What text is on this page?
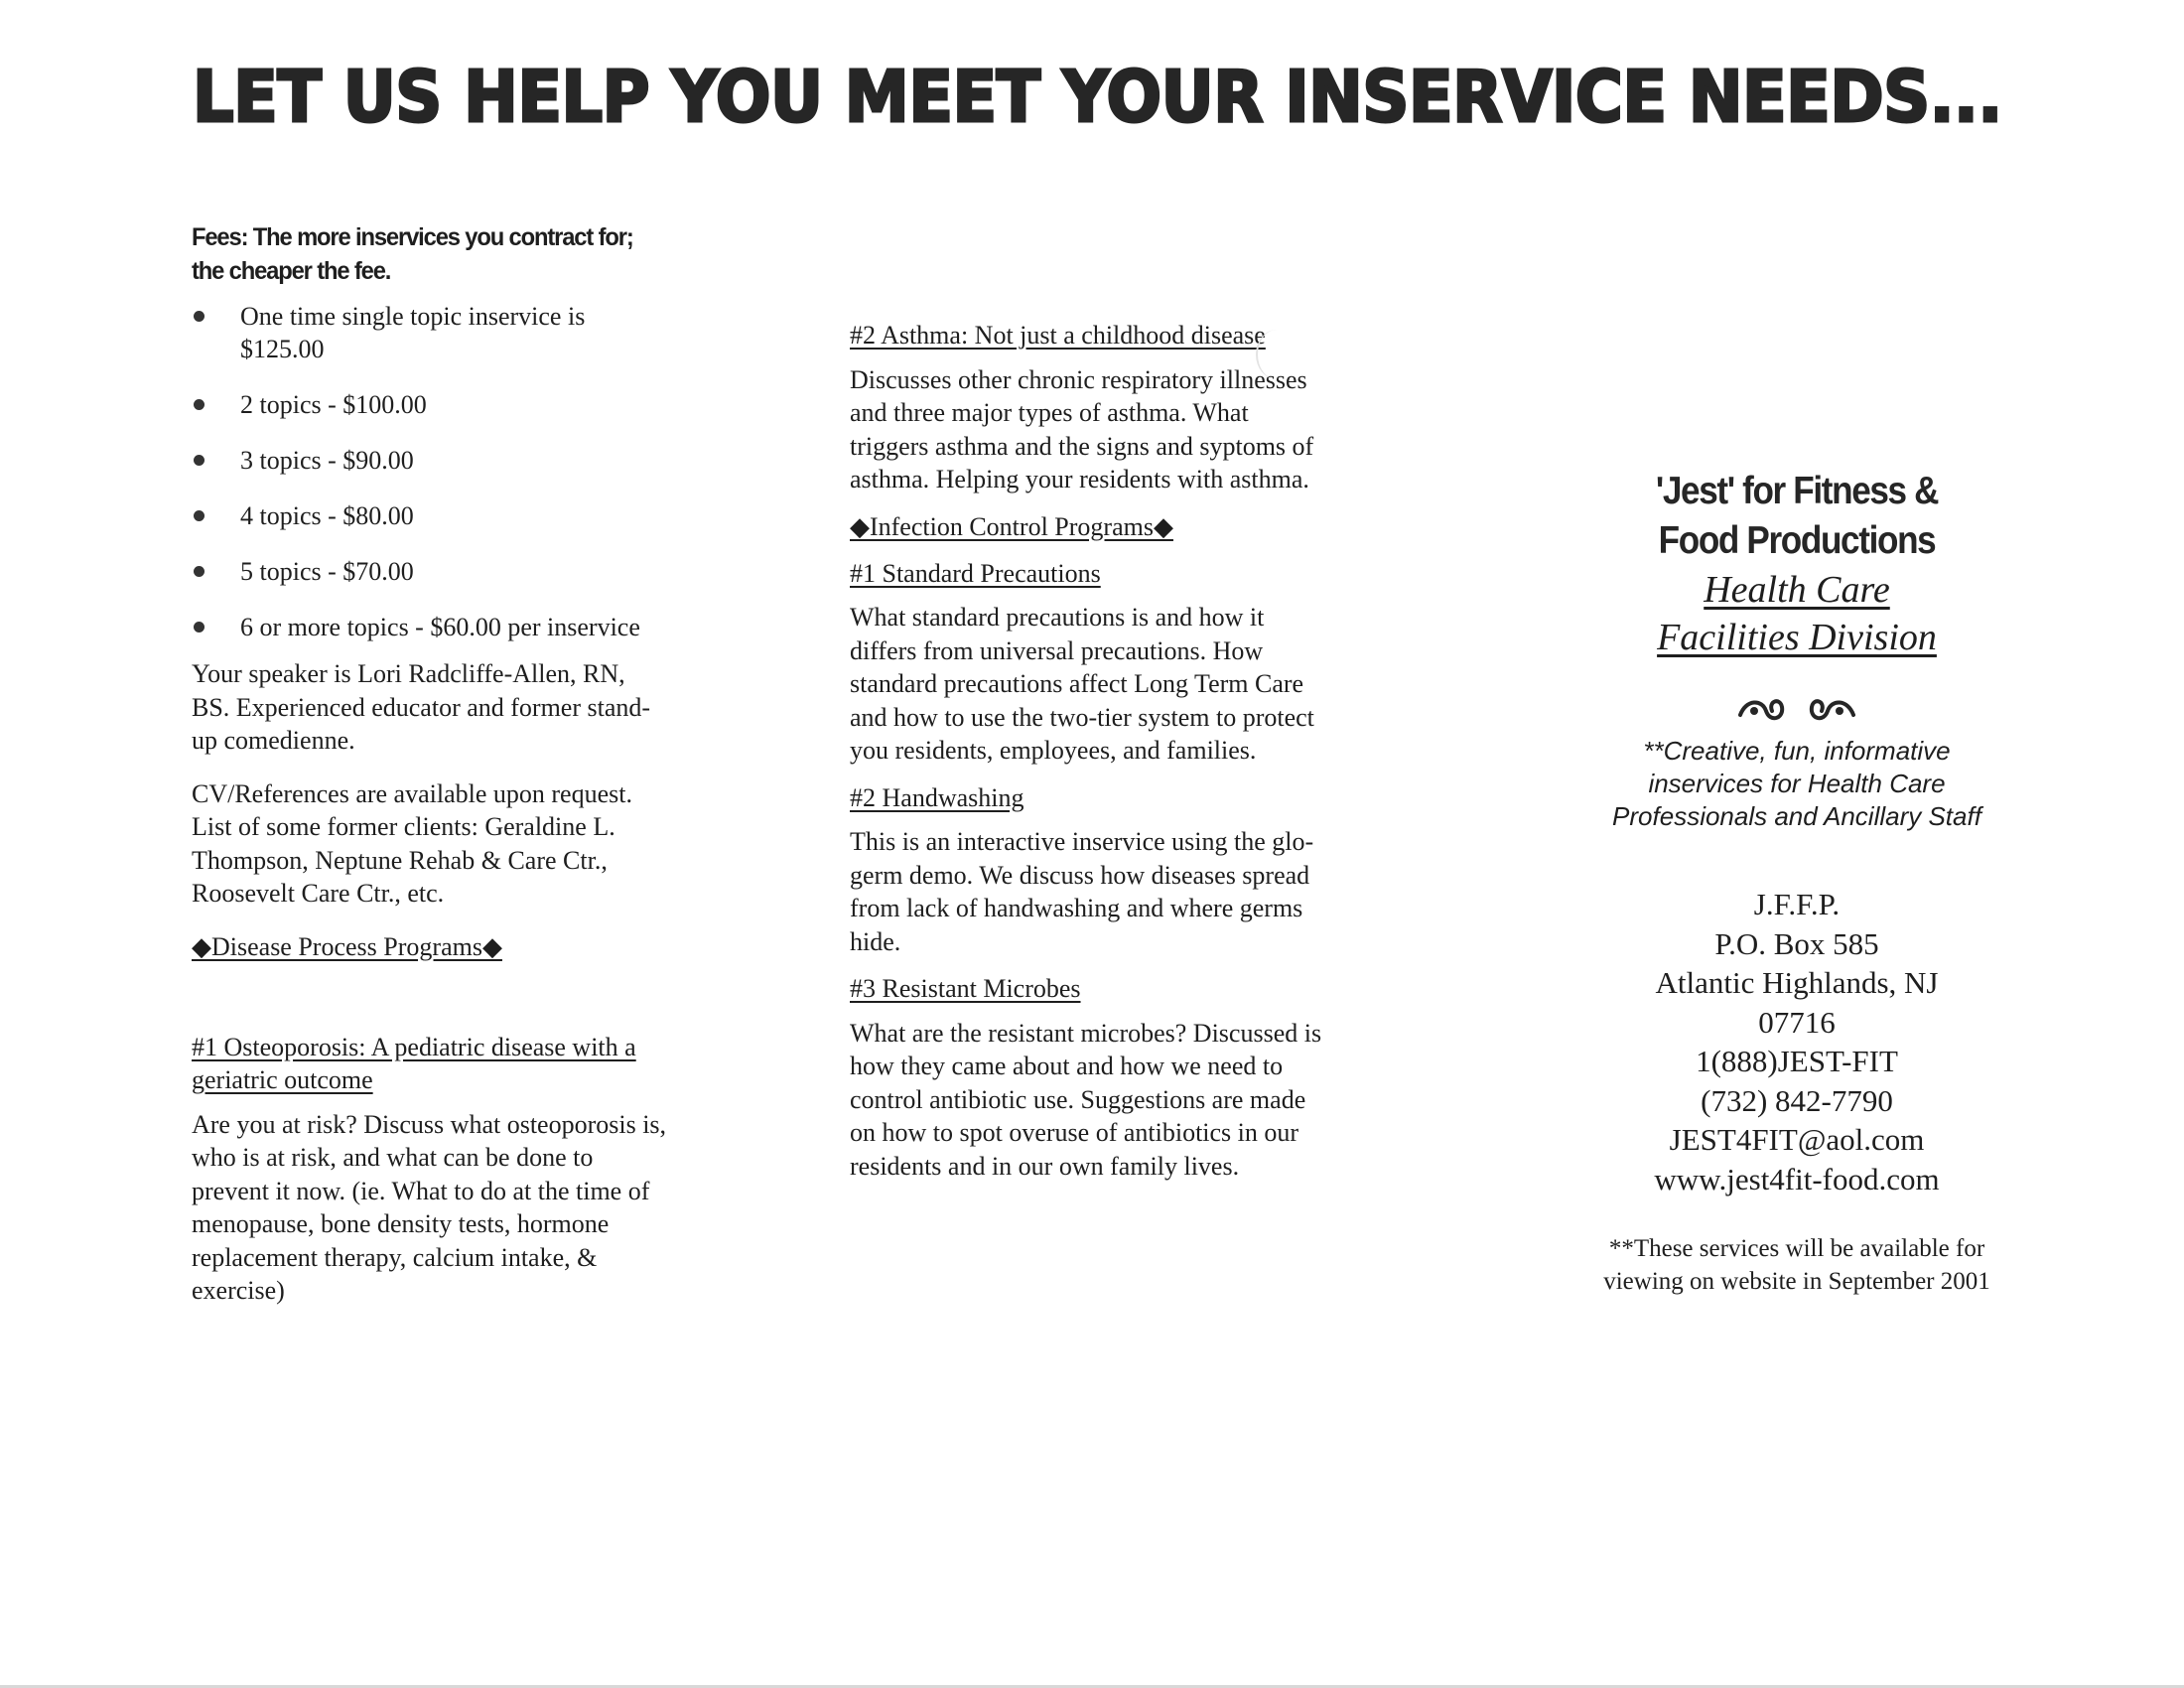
LET US HELP YOU MEET YOUR INSERVICE NEEDS...

Fees: The more inservices you contract for; the cheaper the fee.

One time single topic inservice is $125.00
2 topics - $100.00
3 topics - $90.00
4 topics - $80.00
5 topics - $70.00
6 or more topics - $60.00 per inservice

Your speaker is Lori Radcliffe-Allen, RN, BS. Experienced educator and former stand-up comedienne.

CV/References are available upon request. List of some former clients: Geraldine L. Thompson, Neptune Rehab & Care Ctr., Roosevelt Care Ctr., etc.

◆Disease Process Programs◆

#1 Osteoporosis: A pediatric disease with a geriatric outcome

Are you at risk? Discuss what osteoporosis is, who is at risk, and what can be done to prevent it now. (ie. What to do at the time of menopause, bone density tests, hormone replacement therapy, calcium intake, & exercise)

#2 Asthma: Not just a childhood disease

Discusses other chronic respiratory illnesses and three major types of asthma. What triggers asthma and the signs and syptoms of asthma. Helping your residents with asthma.

◆Infection Control Programs◆

#1 Standard Precautions

What standard precautions is and how it differs from universal precautions. How standard precautions affect Long Term Care and how to use the two-tier system to protect you residents, employees, and families.

#2 Handwashing

This is an interactive inservice using the glo-germ demo. We discuss how diseases spread from lack of handwashing and where germs hide.

#3 Resistant Microbes

What are the resistant microbes? Discussed is how they came about and how we need to control antibiotic use. Suggestions are made on how to spot overuse of antibiotics in our residents and in our own family lives.

'Jest' for Fitness &

Food Productions

Health Care

Facilities Division

**Creative, fun, informative inservices for Health Care Professionals and Ancillary Staff

J.F.F.P.

P.O. Box 585

Atlantic Highlands, NJ

07716

1(888)JEST-FIT

(732) 842-7790

JEST4FIT@aol.com

www.jest4fit-food.com

**These services will be available for viewing on website in September 2001
